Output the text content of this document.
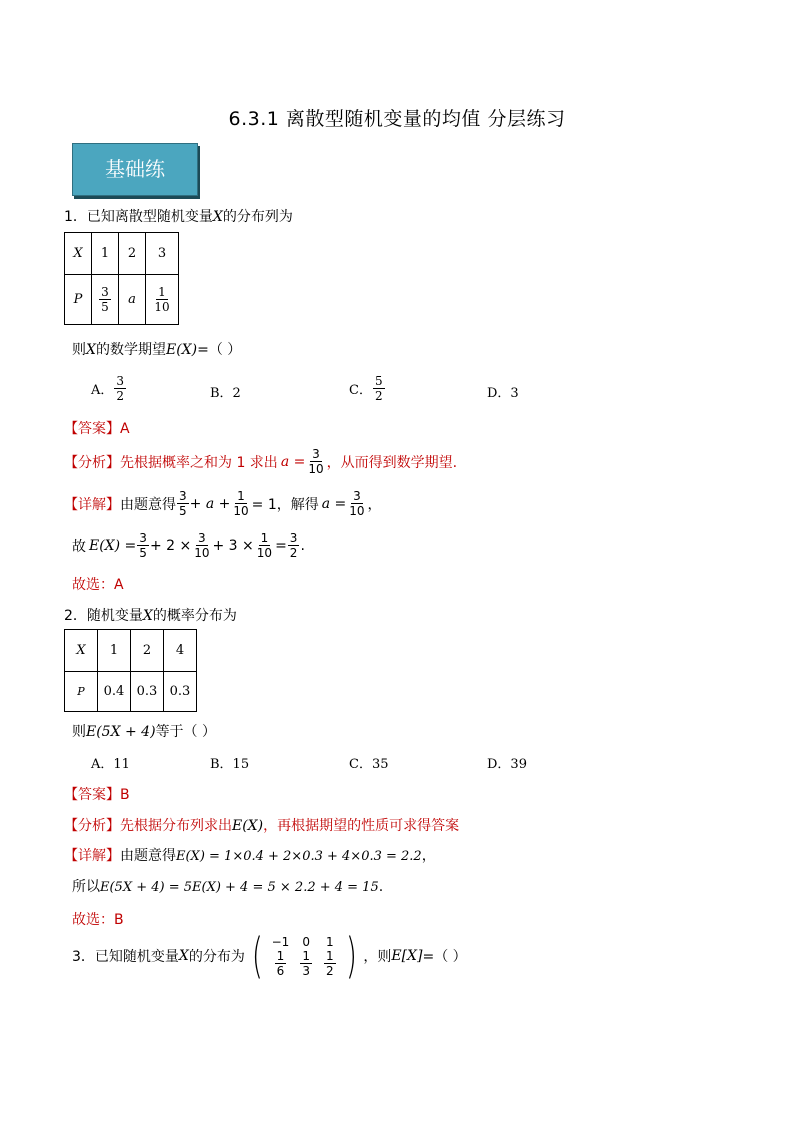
6.3.1 离散型随机变量的均值 分层练习
基础练
1．已知离散型随机变量X的分布列为
X	1	2	3
P	$\frac{3}{5}$	a	$\frac{1}{10}$
则X的数学期望E(X)=（ ）
A． $\frac{3}{2}$	B．2	C． $\frac{5}{2}$	D．3
【答案】A
【分析】 先根据概率之和为 1 求出 $a = \frac{3}{10}$ ，从而得到数学期望.
【详解】 由题意得 $\frac{3}{5} + a + \frac{1}{10} = 1$，解得 $a = \frac{3}{10}$ ，
故 $E(X) = \frac{3}{5} + 2 \times \frac{3}{10} + 3 \times \frac{1}{10} = \frac{3}{2}$ .
故选：A
2．随机变量X的概率分布为
X	1	2	4
P	0.4	0.3	0.3
则E(5X + 4)等于（ ）
A．11	B．15	C．35	D．39
【答案】B
【分析】先根据分布列求出E(X)，再根据期望的性质可求得答案
【详解】由题意得E(X) = 1×0.4 + 2×0.3 + 4×0.3 = 2.2，
所以E(5X + 4) = 5E(X) + 4 = 5 × 2.2 + 4 = 15.
故选：B
3．已知随机变量 X 的分布为 ( −1	0	1

$\frac{1}{6}$	$\frac{1}{3}$	$\frac{1}{2}$ ) ，则 E[X] =（ ）
